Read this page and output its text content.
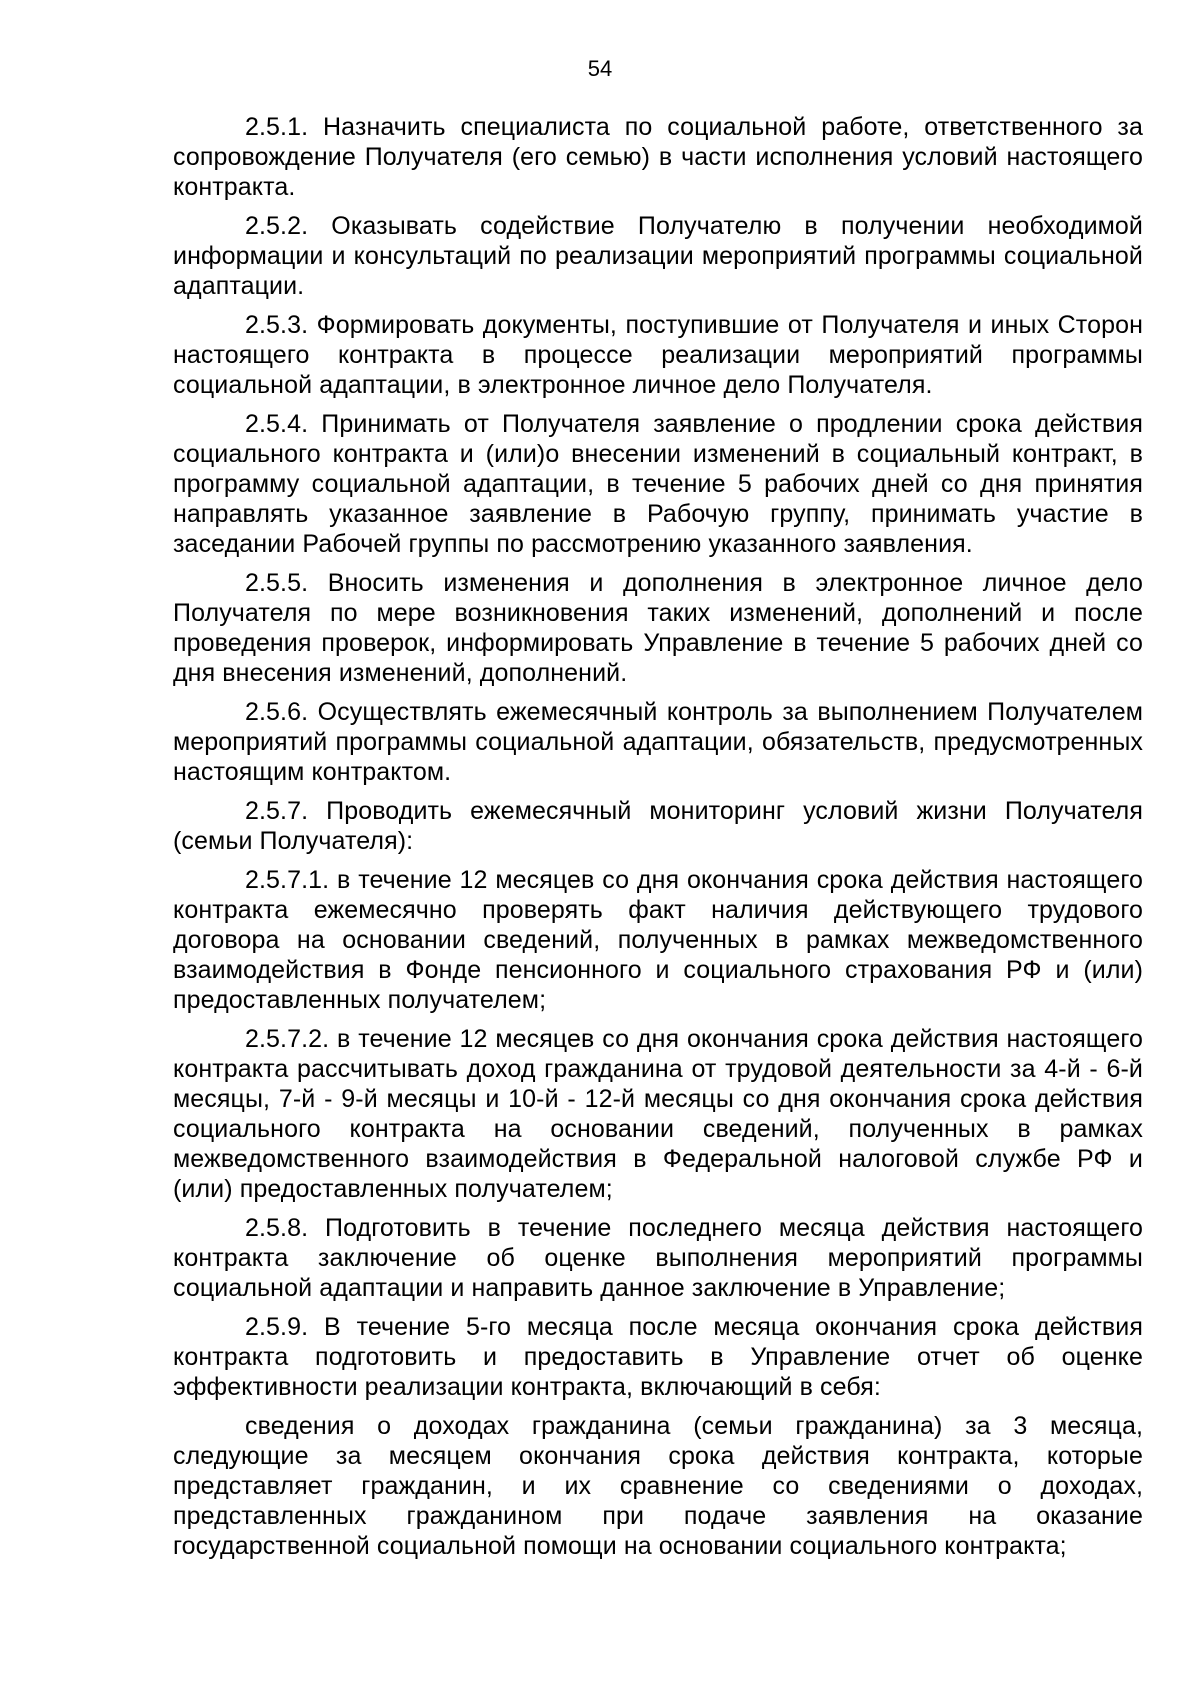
54

2.5.1. Назначить специалиста по социальной работе, ответственного за сопровождение Получателя (его семью) в части исполнения условий настоящего контракта.

2.5.2. Оказывать содействие Получателю в получении необходимой информации и консультаций по реализации мероприятий программы социальной адаптации.

2.5.3. Формировать документы, поступившие от Получателя и иных Сторон настоящего контракта в процессе реализации мероприятий программы социальной адаптации, в электронное личное дело Получателя.

2.5.4. Принимать от Получателя заявление о продлении срока действия социального контракта и (или)о внесении изменений в социальный контракт, в программу социальной адаптации, в течение 5 рабочих дней со дня принятия направлять указанное заявление в Рабочую группу, принимать участие в заседании Рабочей группы по рассмотрению указанного заявления.

2.5.5. Вносить изменения и дополнения в электронное личное дело Получателя по мере возникновения таких изменений, дополнений и после проведения проверок, информировать Управление в течение 5 рабочих дней со дня внесения изменений, дополнений.

2.5.6. Осуществлять ежемесячный контроль за выполнением Получателем мероприятий программы социальной адаптации, обязательств, предусмотренных настоящим контрактом.

2.5.7. Проводить ежемесячный мониторинг условий жизни Получателя (семьи Получателя):

2.5.7.1. в течение 12 месяцев со дня окончания срока действия настоящего контракта ежемесячно проверять факт наличия действующего трудового договора на основании сведений, полученных в рамках межведомственного взаимодействия в Фонде пенсионного и социального страхования РФ и (или) предоставленных получателем;

2.5.7.2. в течение 12 месяцев со дня окончания срока действия настоящего контракта рассчитывать доход гражданина от трудовой деятельности за 4-й - 6-й месяцы, 7-й - 9-й месяцы и 10-й - 12-й месяцы со дня окончания срока действия социального контракта на основании сведений, полученных в рамках межведомственного взаимодействия в Федеральной налоговой службе РФ и (или) предоставленных получателем;

2.5.8. Подготовить в течение последнего месяца действия настоящего контракта заключение об оценке выполнения мероприятий программы социальной адаптации и направить данное заключение в Управление;

2.5.9. В течение 5-го месяца после месяца окончания срока действия контракта подготовить и предоставить в Управление отчет об оценке эффективности реализации контракта, включающий в себя:

сведения о доходах гражданина (семьи гражданина) за 3 месяца, следующие за месяцем окончания срока действия контракта, которые представляет гражданин, и их сравнение со сведениями о доходах, представленных гражданином при подаче заявления на оказание государственной социальной помощи на основании социального контракта;
